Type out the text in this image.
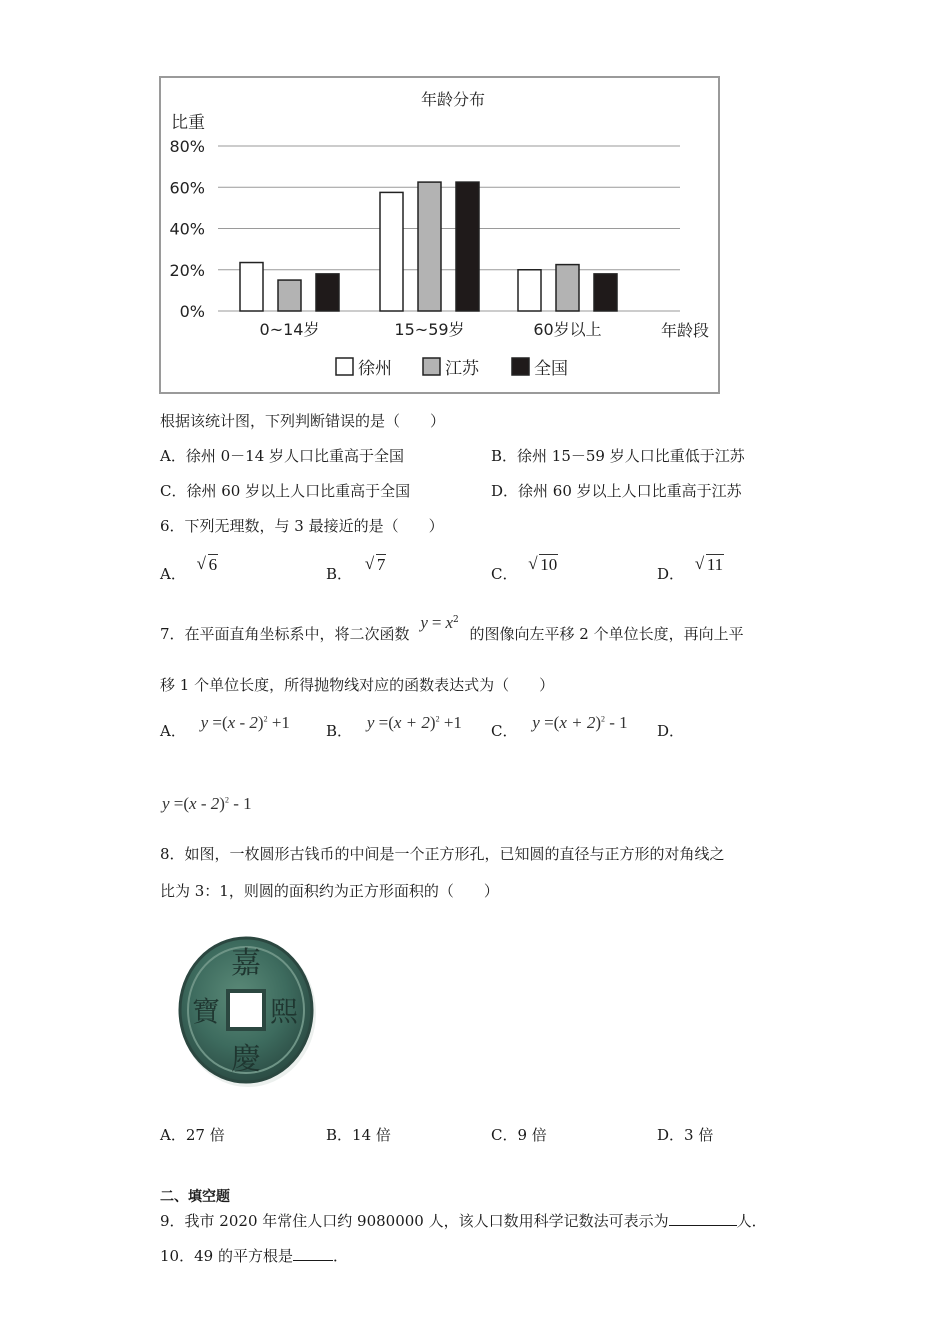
年龄分布
比重
年龄段
80%
60%
40%
20%
0%
0~14岁	15~59岁	60岁以上
徐州	江苏	全国
根据该统计图，下列判断错误的是（　　）
A．徐州 0－14 岁人口比重高于全国	B．徐州 15－59 岁人口比重低于江苏
C．徐州 60 岁以上人口比重高于全国	D．徐州 60 岁以上人口比重高于江苏
6．下列无理数，与 3 最接近的是（　　）
A．
√ 6	B．
√ 7	C．
√ 10	D．
√ 11
7．在平面直角坐标系中，将二次函数 $y = x^2$ 的图像向左平移 2 个单位长度，再向上平
移 1 个单位长度，所得抛物线对应的函数表达式为（　　）
A． y =(x - 2)$^2$ +1 B． $y =(x + 2)^2 +1$ C． $y =(x + 2)^2 - 1$ D．
y =(x - 2)$^2$ - 1
8．如图，一枚圆形古钱币的中间是一个正方形孔，已知圆的直径与正方形的对角线之
比为 3：1，则圆的面积约为正方形面积的（　　）
嘉
慶
熙
寶
A．27 倍	B．14 倍	C．9 倍	D．3 倍
二、填空题
9．我市 2020 年常住人口约 9080000 人，该人口数用科学记数法可表示为	人．
10．49 的平方根是	．
